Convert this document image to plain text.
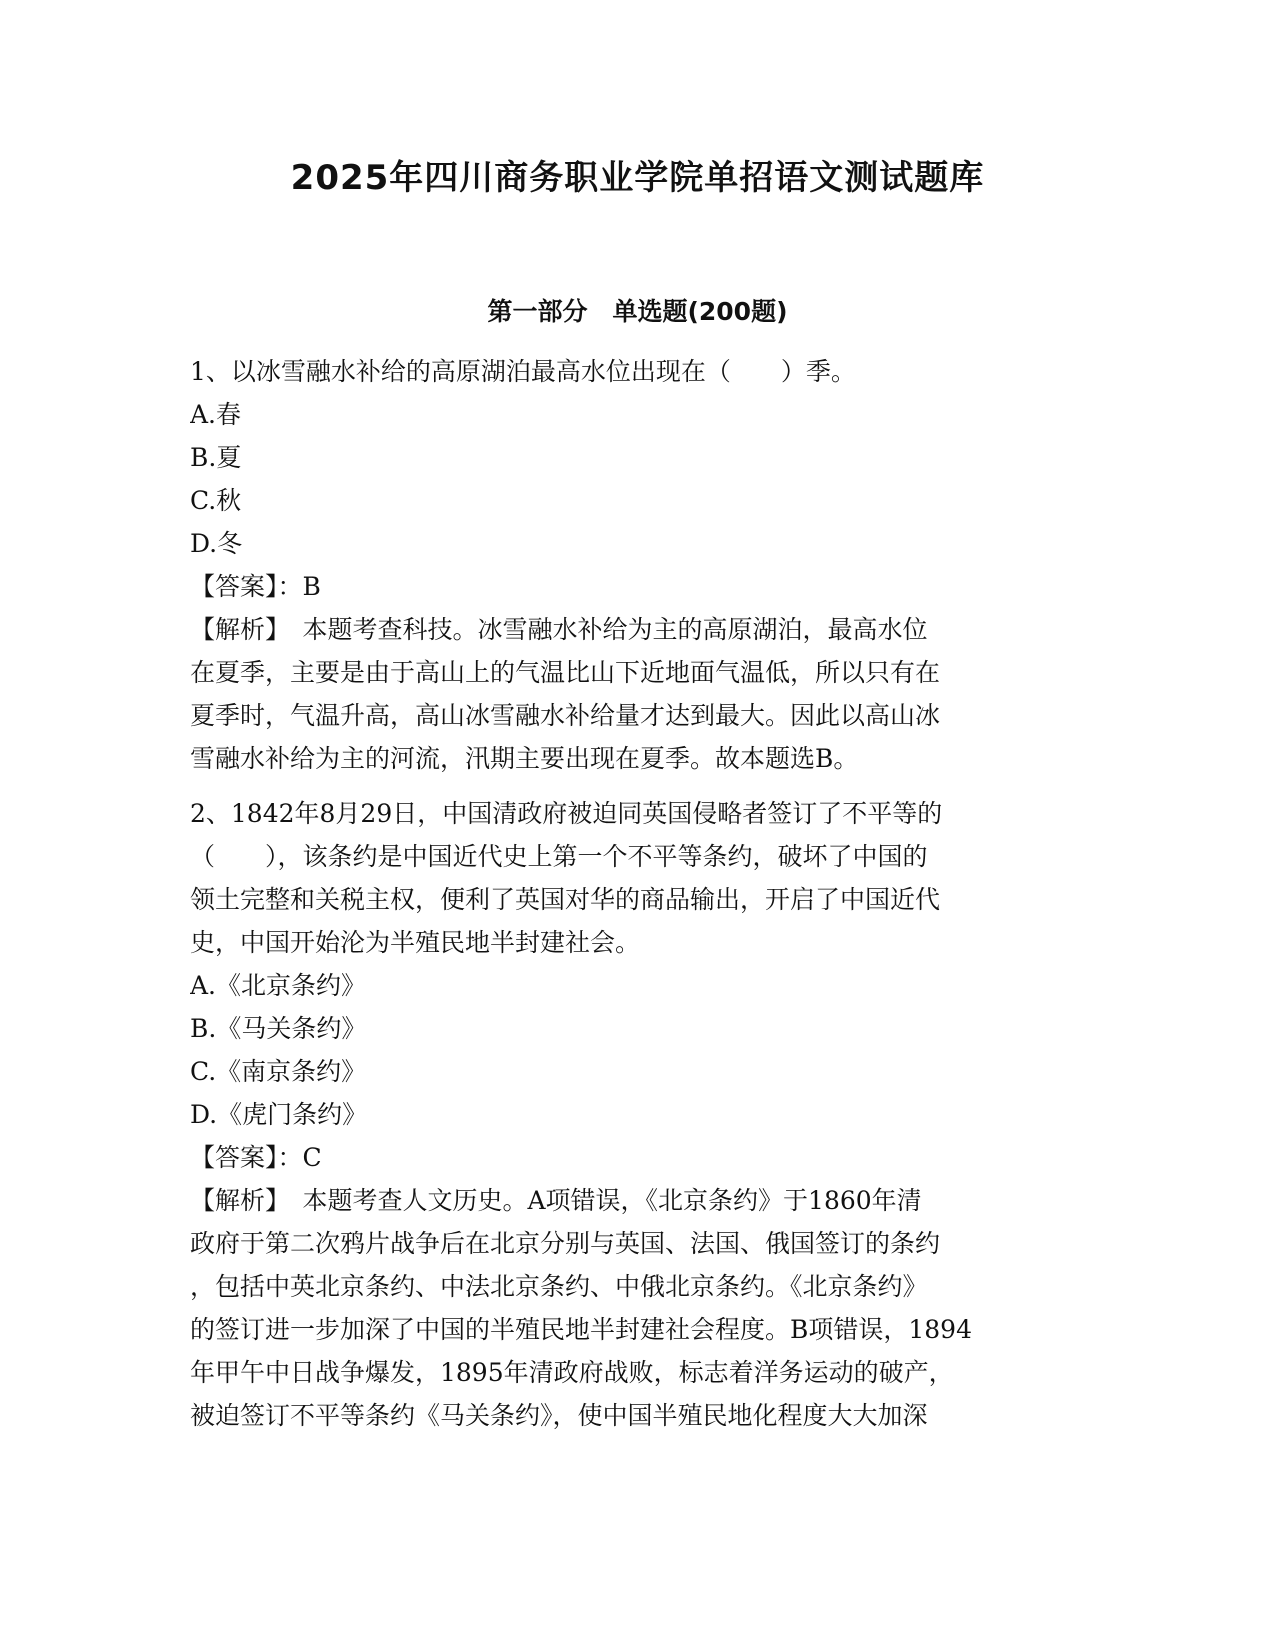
2025年四川商务职业学院单招语文测试题库
第一部分　单选题(200题)
1、以冰雪融水补给的高原湖泊最高水位出现在（　　）季。
A.春
B.夏
C.秋
D.冬
【答案】：B
【解析】　本题考查科技。冰雪融水补给为主的高原湖泊，最高水位
在夏季，主要是由于高山上的气温比山下近地面气温低，所以只有在
夏季时，气温升高，高山冰雪融水补给量才达到最大。因此以高山冰
雪融水补给为主的河流，汛期主要出现在夏季。故本题选B。
2、1842年8月29日，中国清政府被迫同英国侵略者签订了不平等的
（　　），该条约是中国近代史上第一个不平等条约，破坏了中国的
领土完整和关税主权，便利了英国对华的商品输出，开启了中国近代
史，中国开始沦为半殖民地半封建社会。
A.《北京条约》
B.《马关条约》
C.《南京条约》
D.《虎门条约》
【答案】：C
【解析】　本题考查人文历史。A项错误，《北京条约》于1860年清
政府于第二次鸦片战争后在北京分别与英国、法国、俄国签订的条约
，包括中英北京条约、中法北京条约、中俄北京条约。《北京条约》
的签订进一步加深了中国的半殖民地半封建社会程度。B项错误，1894
年甲午中日战争爆发，1895年清政府战败，标志着洋务运动的破产，
被迫签订不平等条约《马关条约》，使中国半殖民地化程度大大加深
